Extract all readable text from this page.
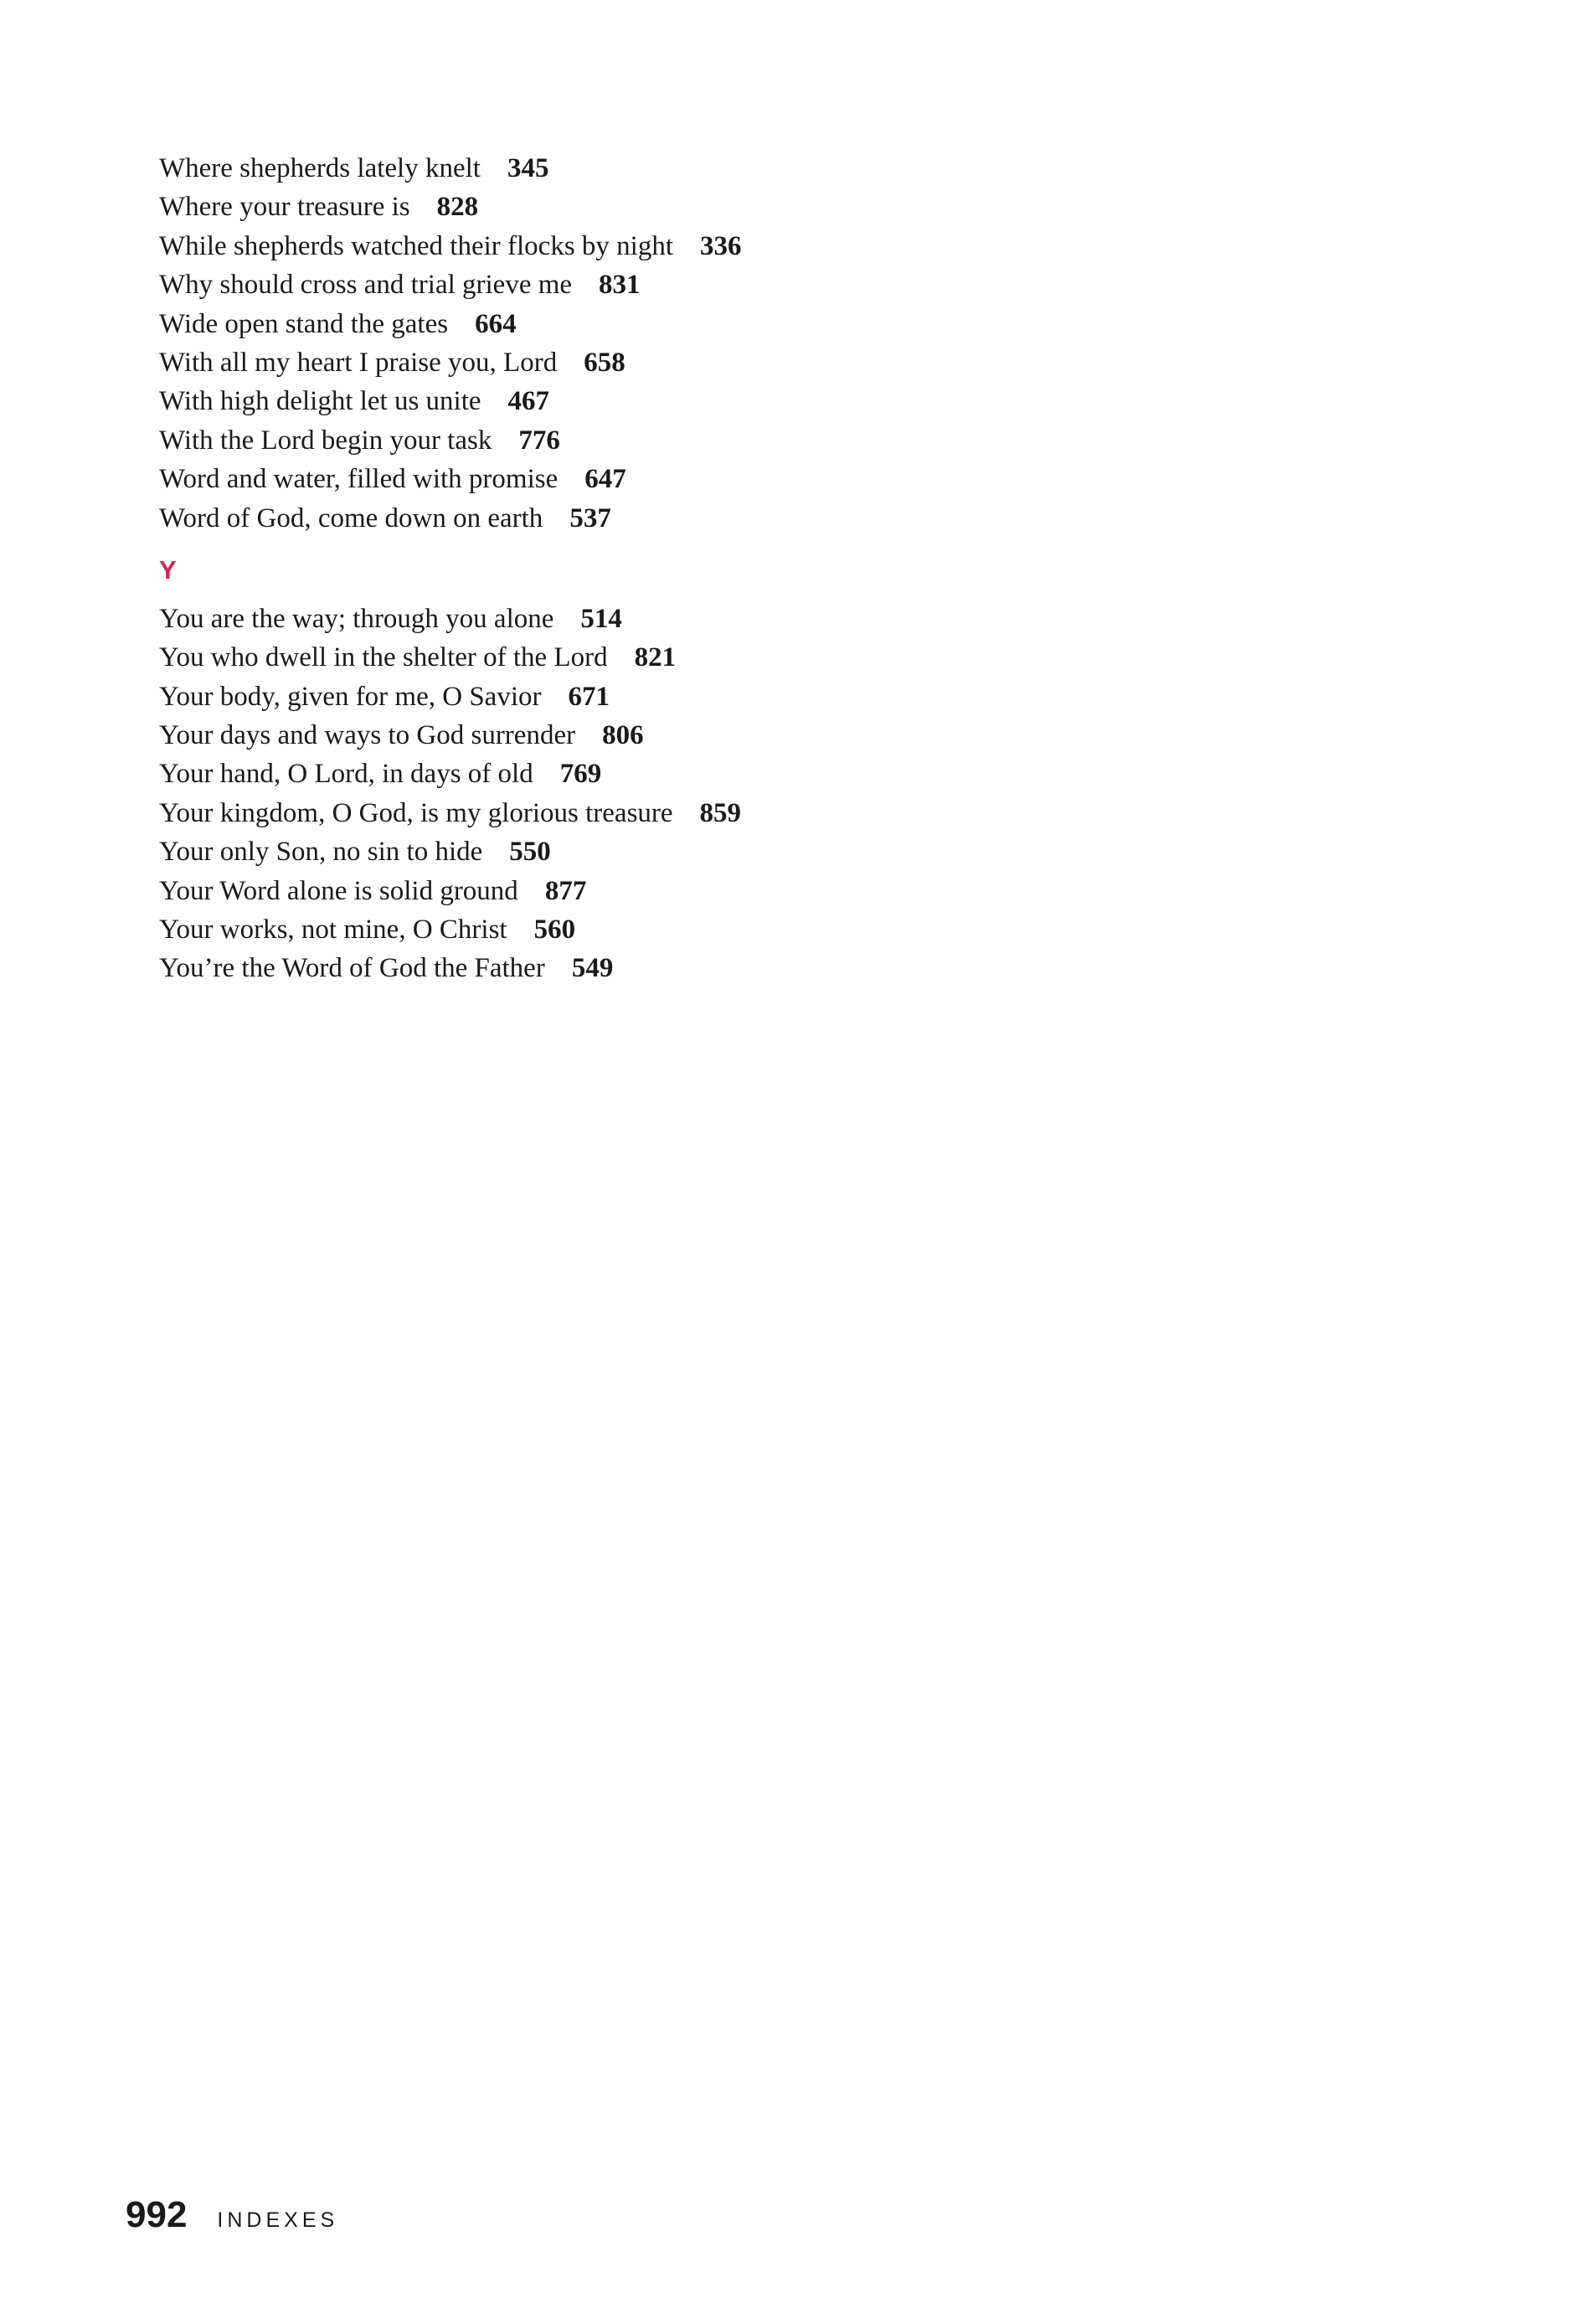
Where shepherds lately knelt 345
Where your treasure is 828
While shepherds watched their flocks by night 336
Why should cross and trial grieve me 831
Wide open stand the gates 664
With all my heart I praise you, Lord 658
With high delight let us unite 467
With the Lord begin your task 776
Word and water, filled with promise 647
Word of God, come down on earth 537
Y
You are the way; through you alone 514
You who dwell in the shelter of the Lord 821
Your body, given for me, O Savior 671
Your days and ways to God surrender 806
Your hand, O Lord, in days of old 769
Your kingdom, O God, is my glorious treasure 859
Your only Son, no sin to hide 550
Your Word alone is solid ground 877
Your works, not mine, O Christ 560
You’re the Word of God the Father 549
992 INDEXES
